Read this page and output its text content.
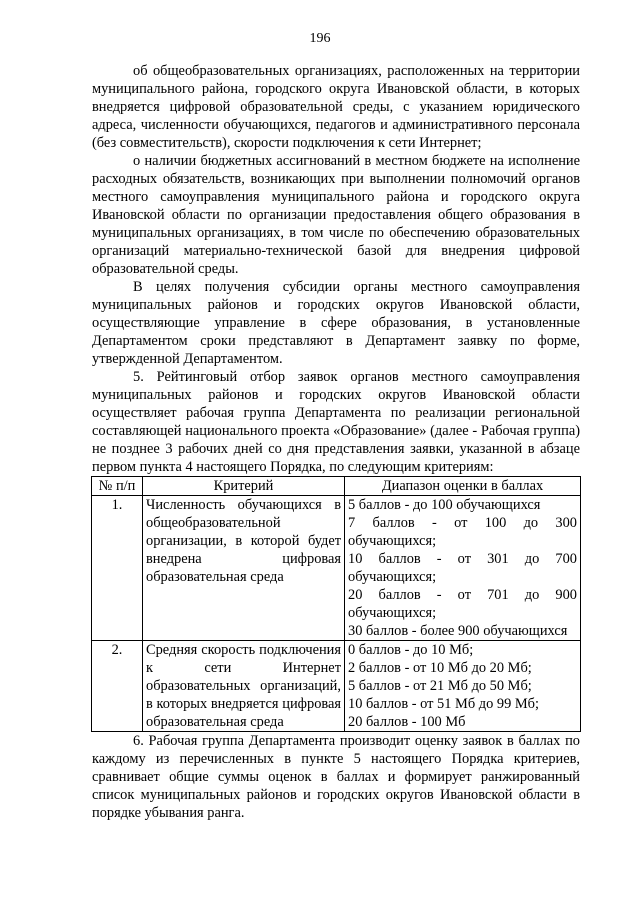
196

об общеобразовательных организациях, расположенных на территории муниципального района, городского округа Ивановской области, в которых внедряется цифровой образовательной среды, с указанием юридического адреса, численности обучающихся, педагогов и административного персонала (без совместительств), скорости подключения к сети Интернет;

о наличии бюджетных ассигнований в местном бюджете на исполнение расходных обязательств, возникающих при выполнении полномочий органов местного самоуправления муниципального района и городского округа Ивановской области по организации предоставления общего образования в муниципальных организациях, в том числе по обеспечению образовательных организаций материально-технической базой для внедрения цифровой образовательной среды.

В целях получения субсидии органы местного самоуправления муниципальных районов и городских округов Ивановской области, осуществляющие управление в сфере образования, в установленные Департаментом сроки представляют в Департамент заявку по форме, утвержденной Департаментом.

5. Рейтинговый отбор заявок органов местного самоуправления муниципальных районов и городских округов Ивановской области осуществляет рабочая группа Департамента по реализации региональной составляющей национального проекта «Образование» (далее - Рабочая группа) не позднее 3 рабочих дней со дня представления заявки, указанной в абзаце первом пункта 4 настоящего Порядка, по следующим критериям:

№ п/п	Критерий	Диапазон оценки в баллах
1.	Численность обучающихся в общеобразовательной организации, в которой будет внедрена цифровая образовательная среда	5 баллов - до 100 обучающихся
7 баллов - от 100 до 300 обучающихся;
10 баллов - от 301 до 700 обучающихся;
20 баллов - от 701 до 900 обучающихся;
30 баллов - более 900 обучающихся

2.	Средняя скорость подключения к сети Интернет образовательных организаций, в которых внедряется цифровая образовательная среда	0 баллов - до 10 Мб;
2 баллов - от 10 Мб до 20 Мб;
5 баллов - от 21 Мб до 50 Мб;
10 баллов - от 51 Мб до 99 Мб;
20 баллов - 100 Мб

6. Рабочая группа Департамента производит оценку заявок в баллах по каждому из перечисленных в пункте 5 настоящего Порядка критериев, сравнивает общие суммы оценок в баллах и формирует ранжированный список муниципальных районов и городских округов Ивановской области в порядке убывания ранга.
